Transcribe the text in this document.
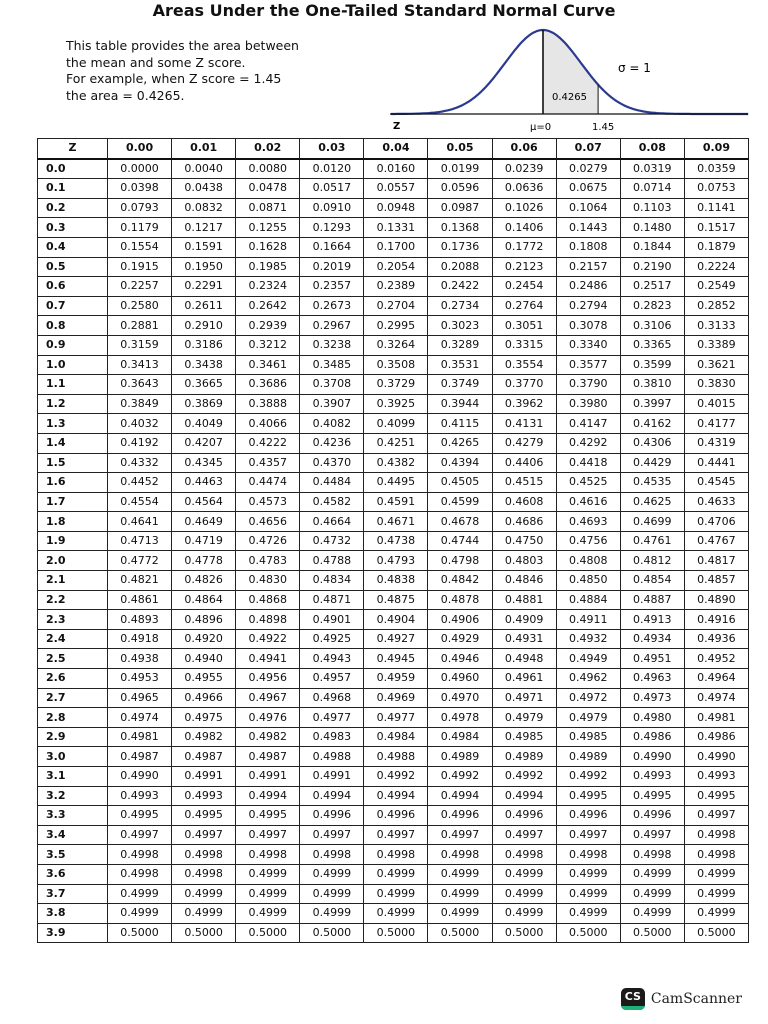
Areas Under the One-Tailed Standard Normal Curve
This table provides the area between
the mean and some Z score.
For example, when Z score = 1.45
the area = 0.4265.
σ = 1
0.4265
Z	μ=0	1.45
Z	0.00	0.01	0.02	0.03	0.04	0.05	0.06	0.07	0.08	0.09
0.0	0.0000	0.0040	0.0080	0.0120	0.0160	0.0199	0.0239	0.0279	0.0319	0.0359
0.1	0.0398	0.0438	0.0478	0.0517	0.0557	0.0596	0.0636	0.0675	0.0714	0.0753
0.2	0.0793	0.0832	0.0871	0.0910	0.0948	0.0987	0.1026	0.1064	0.1103	0.1141
0.3	0.1179	0.1217	0.1255	0.1293	0.1331	0.1368	0.1406	0.1443	0.1480	0.1517
0.4	0.1554	0.1591	0.1628	0.1664	0.1700	0.1736	0.1772	0.1808	0.1844	0.1879
0.5	0.1915	0.1950	0.1985	0.2019	0.2054	0.2088	0.2123	0.2157	0.2190	0.2224
0.6	0.2257	0.2291	0.2324	0.2357	0.2389	0.2422	0.2454	0.2486	0.2517	0.2549
0.7	0.2580	0.2611	0.2642	0.2673	0.2704	0.2734	0.2764	0.2794	0.2823	0.2852
0.8	0.2881	0.2910	0.2939	0.2967	0.2995	0.3023	0.3051	0.3078	0.3106	0.3133
0.9	0.3159	0.3186	0.3212	0.3238	0.3264	0.3289	0.3315	0.3340	0.3365	0.3389
1.0	0.3413	0.3438	0.3461	0.3485	0.3508	0.3531	0.3554	0.3577	0.3599	0.3621
1.1	0.3643	0.3665	0.3686	0.3708	0.3729	0.3749	0.3770	0.3790	0.3810	0.3830
1.2	0.3849	0.3869	0.3888	0.3907	0.3925	0.3944	0.3962	0.3980	0.3997	0.4015
1.3	0.4032	0.4049	0.4066	0.4082	0.4099	0.4115	0.4131	0.4147	0.4162	0.4177
1.4	0.4192	0.4207	0.4222	0.4236	0.4251	0.4265	0.4279	0.4292	0.4306	0.4319
1.5	0.4332	0.4345	0.4357	0.4370	0.4382	0.4394	0.4406	0.4418	0.4429	0.4441
1.6	0.4452	0.4463	0.4474	0.4484	0.4495	0.4505	0.4515	0.4525	0.4535	0.4545
1.7	0.4554	0.4564	0.4573	0.4582	0.4591	0.4599	0.4608	0.4616	0.4625	0.4633
1.8	0.4641	0.4649	0.4656	0.4664	0.4671	0.4678	0.4686	0.4693	0.4699	0.4706
1.9	0.4713	0.4719	0.4726	0.4732	0.4738	0.4744	0.4750	0.4756	0.4761	0.4767
2.0	0.4772	0.4778	0.4783	0.4788	0.4793	0.4798	0.4803	0.4808	0.4812	0.4817
2.1	0.4821	0.4826	0.4830	0.4834	0.4838	0.4842	0.4846	0.4850	0.4854	0.4857
2.2	0.4861	0.4864	0.4868	0.4871	0.4875	0.4878	0.4881	0.4884	0.4887	0.4890
2.3	0.4893	0.4896	0.4898	0.4901	0.4904	0.4906	0.4909	0.4911	0.4913	0.4916
2.4	0.4918	0.4920	0.4922	0.4925	0.4927	0.4929	0.4931	0.4932	0.4934	0.4936
2.5	0.4938	0.4940	0.4941	0.4943	0.4945	0.4946	0.4948	0.4949	0.4951	0.4952
2.6	0.4953	0.4955	0.4956	0.4957	0.4959	0.4960	0.4961	0.4962	0.4963	0.4964
2.7	0.4965	0.4966	0.4967	0.4968	0.4969	0.4970	0.4971	0.4972	0.4973	0.4974
2.8	0.4974	0.4975	0.4976	0.4977	0.4977	0.4978	0.4979	0.4979	0.4980	0.4981
2.9	0.4981	0.4982	0.4982	0.4983	0.4984	0.4984	0.4985	0.4985	0.4986	0.4986
3.0	0.4987	0.4987	0.4987	0.4988	0.4988	0.4989	0.4989	0.4989	0.4990	0.4990
3.1	0.4990	0.4991	0.4991	0.4991	0.4992	0.4992	0.4992	0.4992	0.4993	0.4993
3.2	0.4993	0.4993	0.4994	0.4994	0.4994	0.4994	0.4994	0.4995	0.4995	0.4995
3.3	0.4995	0.4995	0.4995	0.4996	0.4996	0.4996	0.4996	0.4996	0.4996	0.4997
3.4	0.4997	0.4997	0.4997	0.4997	0.4997	0.4997	0.4997	0.4997	0.4997	0.4998
3.5	0.4998	0.4998	0.4998	0.4998	0.4998	0.4998	0.4998	0.4998	0.4998	0.4998
3.6	0.4998	0.4998	0.4999	0.4999	0.4999	0.4999	0.4999	0.4999	0.4999	0.4999
3.7	0.4999	0.4999	0.4999	0.4999	0.4999	0.4999	0.4999	0.4999	0.4999	0.4999
3.8	0.4999	0.4999	0.4999	0.4999	0.4999	0.4999	0.4999	0.4999	0.4999	0.4999
3.9	0.5000	0.5000	0.5000	0.5000	0.5000	0.5000	0.5000	0.5000	0.5000	0.5000
CS CamScanner
